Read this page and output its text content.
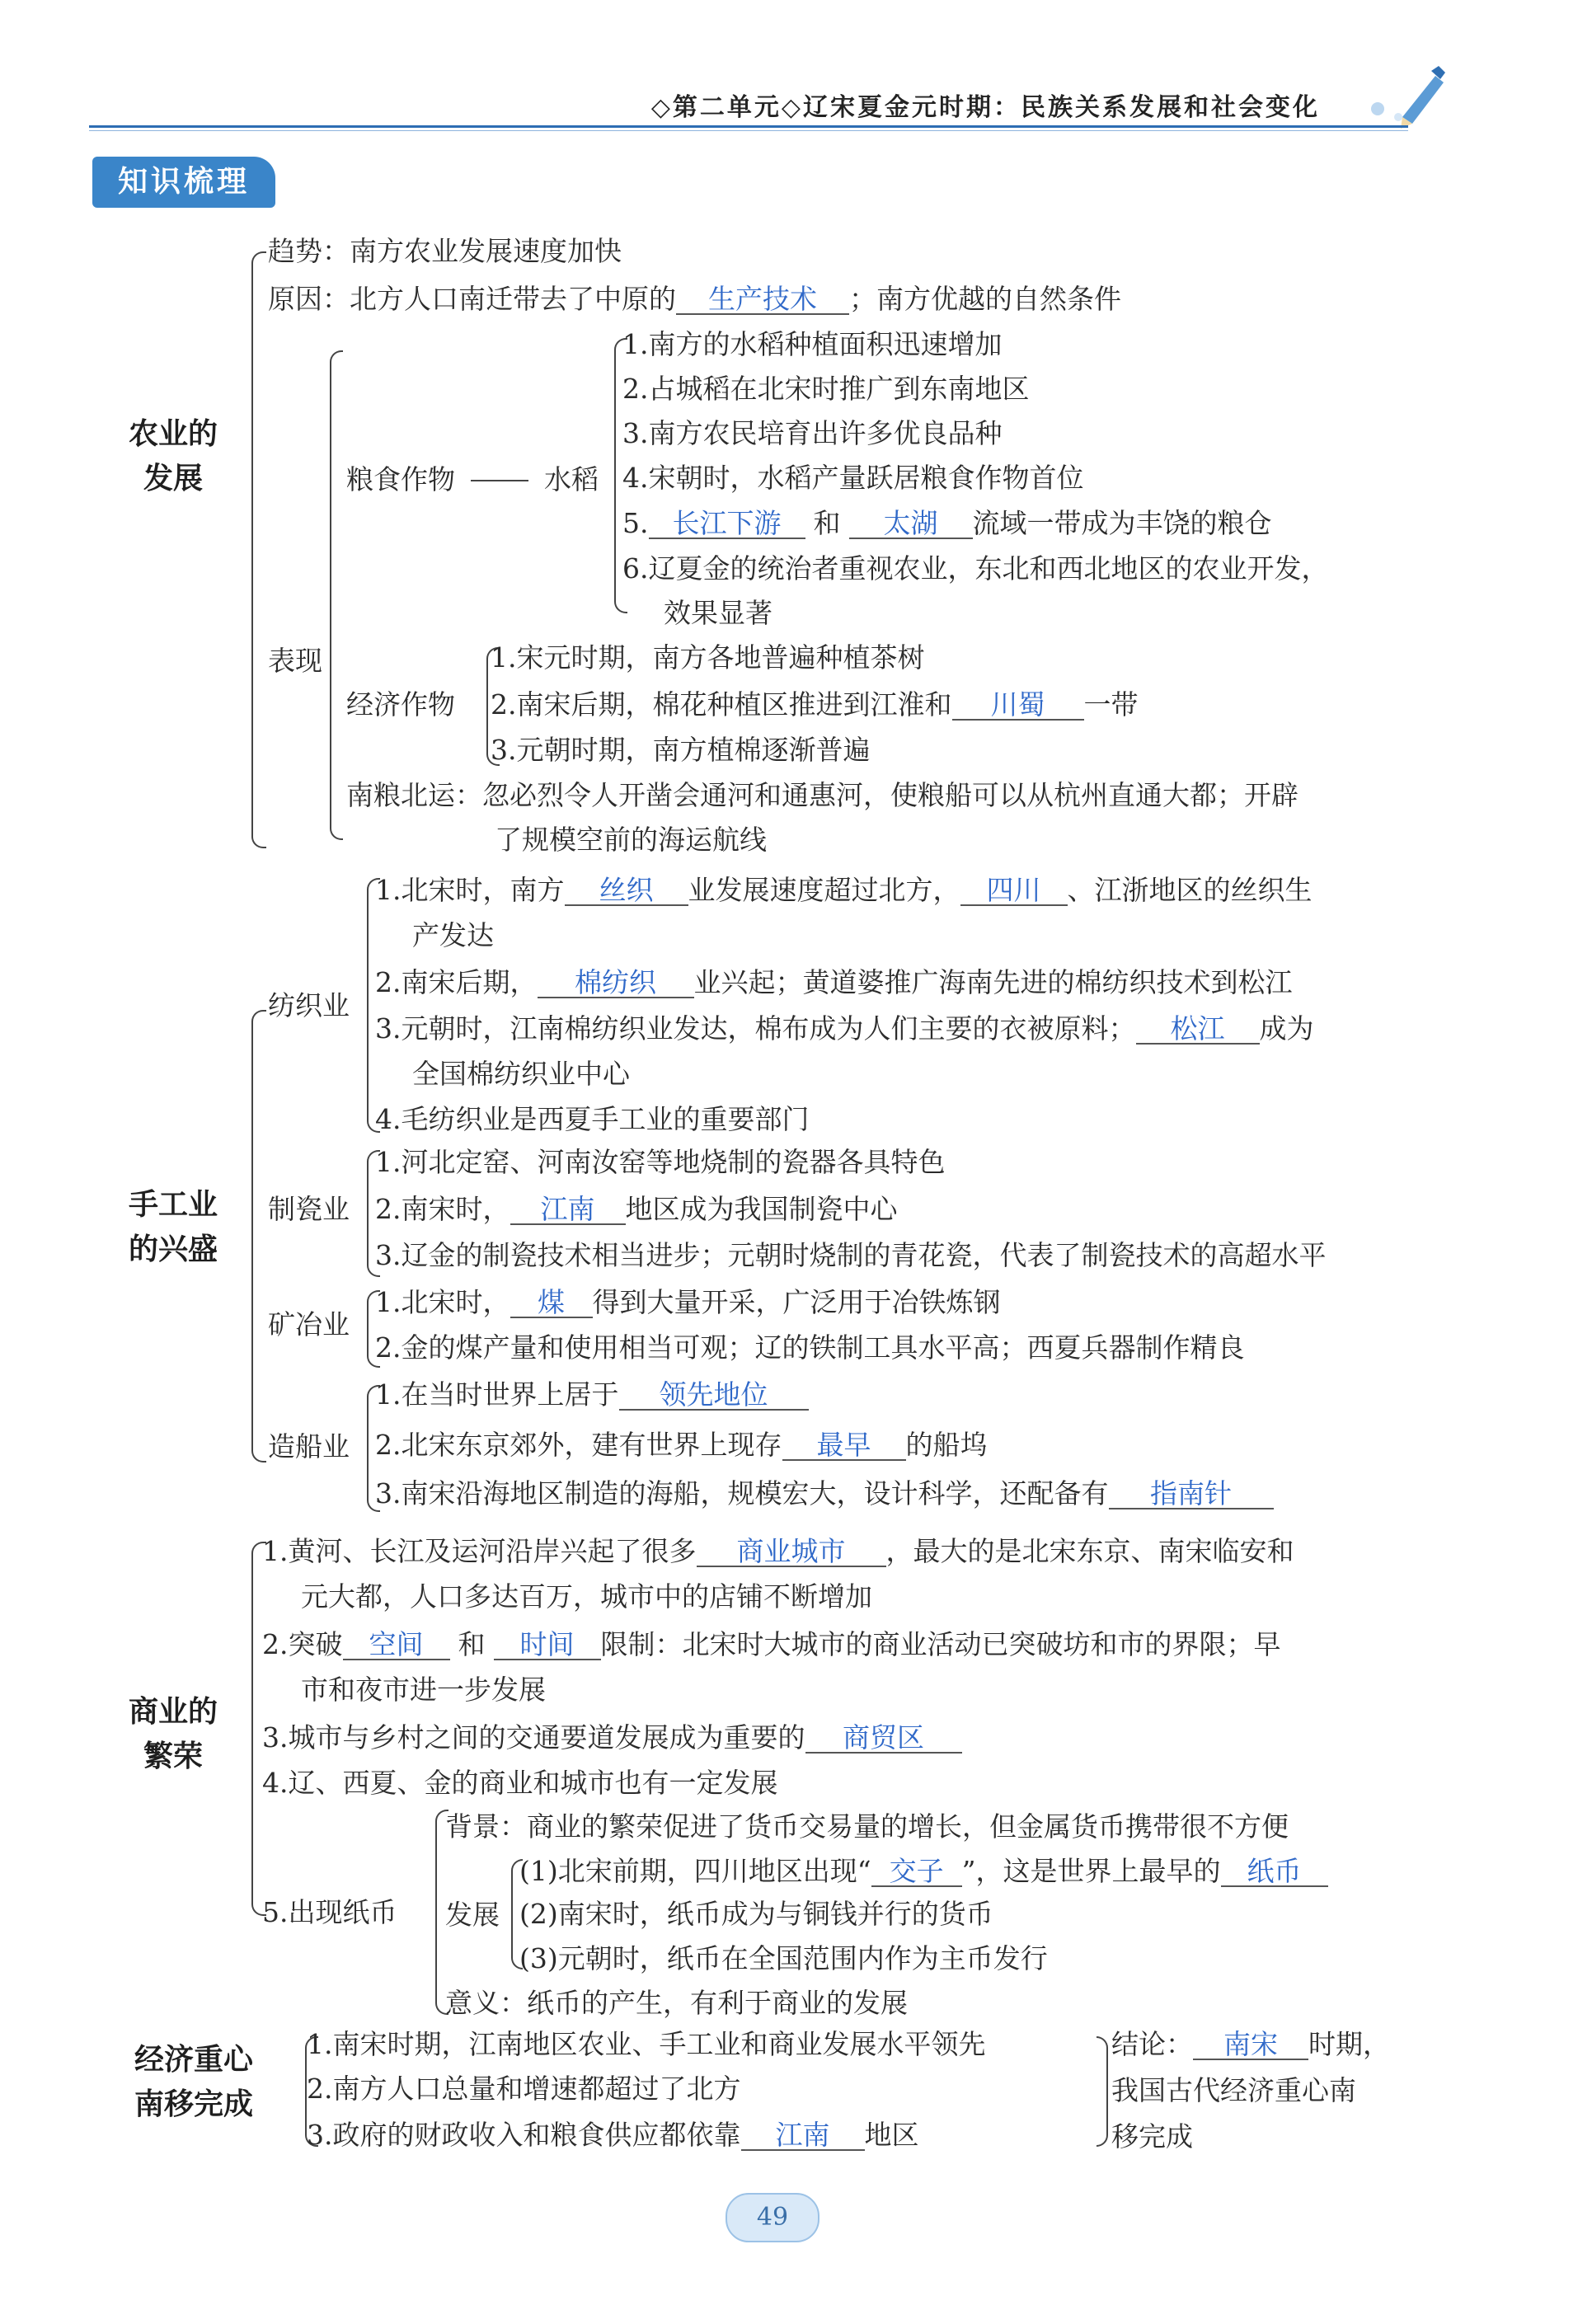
◇第二单元◇辽宋夏金元时期：民族关系发展和社会变化
知识梳理
农业的
发展
趋势：南方农业发展速度加快
原因：北方人口南迁带去了中原的 生产技术 ；南方优越的自然条件
表现
粮食作物	水稻
1.南方的水稻种植面积迅速增加
2.占城稻在北宋时推广到东南地区
3.南方农民培育出许多优良品种
4.宋朝时，水稻产量跃居粮食作物首位
5. 长江下游 和 太湖 流域一带成为丰饶的粮仓
6.辽夏金的统治者重视农业，东北和西北地区的农业开发，
效果显著
经济作物
1.宋元时期，南方各地普遍种植茶树
2.南宋后期，棉花种植区推进到江淮和 川蜀 一带
3.元朝时期，南方植棉逐渐普遍
南粮北运：忽必烈令人开凿会通河和通惠河，使粮船可以从杭州直通大都；开辟
了规模空前的海运航线
手工业
的兴盛
纺织业
1.北宋时，南方 丝织 业发展速度超过北方， 四川 、江浙地区的丝织生
产发达
2.南宋后期， 棉纺织 业兴起；黄道婆推广海南先进的棉纺织技术到松江
3.元朝时，江南棉纺织业发达，棉布成为人们主要的衣被原料； 松江 成为
全国棉纺织业中心
4.毛纺织业是西夏手工业的重要部门
制瓷业
1.河北定窑、河南汝窑等地烧制的瓷器各具特色
2.南宋时， 江南 地区成为我国制瓷中心
3.辽金的制瓷技术相当进步；元朝时烧制的青花瓷，代表了制瓷技术的高超水平
矿冶业
1.北宋时， 煤 得到大量开采，广泛用于冶铁炼钢
2.金的煤产量和使用相当可观；辽的铁制工具水平高；西夏兵器制作精良
造船业
1.在当时世界上居于 领先地位
2.北宋东京郊外，建有世界上现存 最早 的船坞
3.南宋沿海地区制造的海船，规模宏大，设计科学，还配备有 指南针
商业的
繁荣
1.黄河、长江及运河沿岸兴起了很多 商业城市 ，最大的是北宋东京、南宋临安和
元大都，人口多达百万，城市中的店铺不断增加
2.突破 空间 和 时间 限制：北宋时大城市的商业活动已突破坊和市的界限；早
市和夜市进一步发展
3.城市与乡村之间的交通要道发展成为重要的 商贸区
4.辽、西夏、金的商业和城市也有一定发展
5.出现纸币
背景：商业的繁荣促进了货币交易量的增长，但金属货币携带很不方便
发展
(1)北宋前期，四川地区出现“ 交子 ”，这是世界上最早的 纸币
(2)南宋时，纸币成为与铜钱并行的货币
(3)元朝时，纸币在全国范围内作为主币发行
意义：纸币的产生，有利于商业的发展
经济重心
南移完成
1.南宋时期，江南地区农业、手工业和商业发展水平领先
2.南方人口总量和增速都超过了北方
3.政府的财政收入和粮食供应都依靠 江南 地区
结论： 南宋 时期，
我国古代经济重心南
移完成
49
